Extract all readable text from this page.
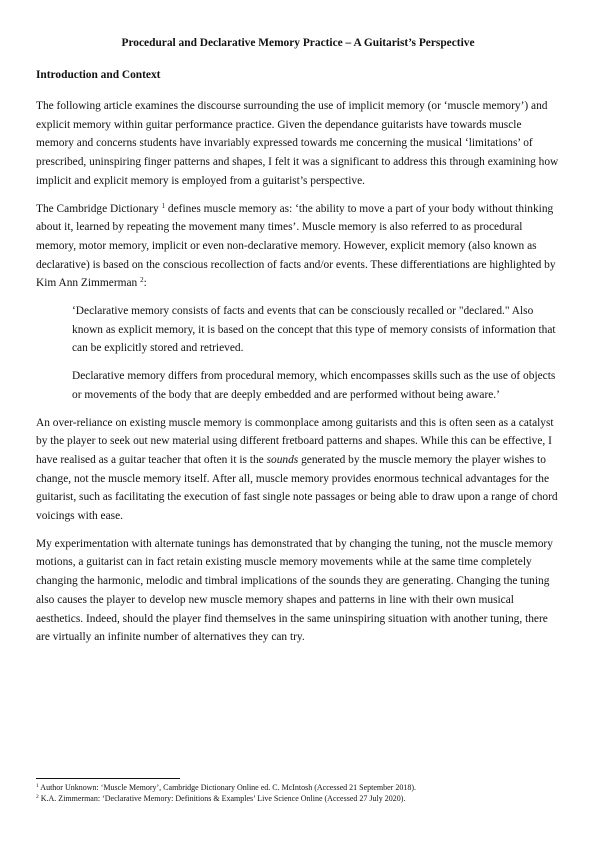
Procedural and Declarative Memory Practice – A Guitarist’s Perspective
Introduction and Context

The following article examines the discourse surrounding the use of implicit memory (or ‘muscle memory’) and explicit memory within guitar performance practice. Given the dependance guitarists have towards muscle memory and concerns students have invariably expressed towards me concerning the musical ‘limitations’ of prescribed, uninspiring finger patterns and shapes, I felt it was a significant to address this through examining how implicit and explicit memory is employed from a guitarist’s perspective.

The Cambridge Dictionary $^1$ defines muscle memory as: ‘the ability to move a part of your body without thinking about it, learned by repeating the movement many times’. Muscle memory is also referred to as procedural memory, motor memory, implicit or even non-declarative memory. However, explicit memory (also known as declarative) is based on the conscious recollection of facts and/or events. These differentiations are highlighted by Kim Ann Zimmerman $^2$:

‘Declarative memory consists of facts and events that can be consciously recalled or "declared." Also known as explicit memory, it is based on the concept that this type of memory consists of information that can be explicitly stored and retrieved.

Declarative memory differs from procedural memory, which encompasses skills such as the use of objects or movements of the body that are deeply embedded and are performed without being aware.’

An over-reliance on existing muscle memory is commonplace among guitarists and this is often seen as a catalyst by the player to seek out new material using different fretboard patterns and shapes. While this can be effective, I have realised as a guitar teacher that often it is the sounds generated by the muscle memory the player wishes to change, not the muscle memory itself. After all, muscle memory provides enormous technical advantages for the guitarist, such as facilitating the execution of fast single note passages or being able to draw upon a range of chord voicings with ease.

My experimentation with alternate tunings has demonstrated that by changing the tuning, not the muscle memory motions, a guitarist can in fact retain existing muscle memory movements while at the same time completely changing the harmonic, melodic and timbral implications of the sounds they are generating. Changing the tuning also causes the player to develop new muscle memory shapes and patterns in line with their own musical aesthetics. Indeed, should the player find themselves in the same uninspiring situation with another tuning, there are virtually an infinite number of alternatives they can try.

$^1$ Author Unknown: ‘Muscle Memory’, Cambridge Dictionary Online ed. C. McIntosh (Accessed 21 September 2018).
$^2$ K.A. Zimmerman: ‘Declarative Memory: Definitions & Examples’ Live Science Online (Accessed 27 July 2020).
